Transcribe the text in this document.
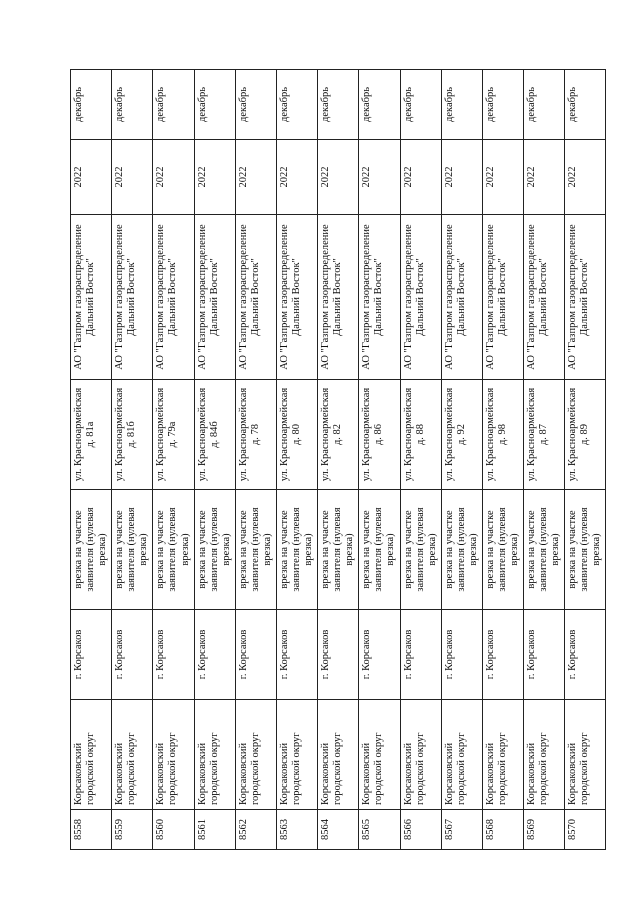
8558	Корсаковский городской округ	г. Корсаков	врезка на участке заявителя (нулевая врезка)	ул. Красноармейская д. 81а	АО "Газпром газораспределение Дальний Восток"	2022	декабрь
8559	Корсаковский городской округ	г. Корсаков	врезка на участке заявителя (нулевая врезка)	ул. Красноармейская д. 81б	АО "Газпром газораспределение Дальний Восток"	2022	декабрь
8560	Корсаковский городской округ	г. Корсаков	врезка на участке заявителя (нулевая врезка)	ул. Красноармейская д. 79а	АО "Газпром газораспределение Дальний Восток"	2022	декабрь
8561	Корсаковский городской округ	г. Корсаков	врезка на участке заявителя (нулевая врезка)	ул. Красноармейская д. 84б	АО "Газпром газораспределение Дальний Восток"	2022	декабрь
8562	Корсаковский городской округ	г. Корсаков	врезка на участке заявителя (нулевая врезка)	ул. Красноармейская д. 78	АО "Газпром газораспределение Дальний Восток"	2022	декабрь
8563	Корсаковский городской округ	г. Корсаков	врезка на участке заявителя (нулевая врезка)	ул. Красноармейская д. 80	АО "Газпром газораспределение Дальний Восток"	2022	декабрь
8564	Корсаковский городской округ	г. Корсаков	врезка на участке заявителя (нулевая врезка)	ул. Красноармейская д. 82	АО "Газпром газораспределение Дальний Восток"	2022	декабрь
8565	Корсаковский городской округ	г. Корсаков	врезка на участке заявителя (нулевая врезка)	ул. Красноармейская д. 86	АО "Газпром газораспределение Дальний Восток"	2022	декабрь
8566	Корсаковский городской округ	г. Корсаков	врезка на участке заявителя (нулевая врезка)	ул. Красноармейская д. 88	АО "Газпром газораспределение Дальний Восток"	2022	декабрь
8567	Корсаковский городской округ	г. Корсаков	врезка на участке заявителя (нулевая врезка)	ул. Красноармейская д. 92	АО "Газпром газораспределение Дальний Восток"	2022	декабрь
8568	Корсаковский городской округ	г. Корсаков	врезка на участке заявителя (нулевая врезка)	ул. Красноармейская д. 98	АО "Газпром газораспределение Дальний Восток"	2022	декабрь
8569	Корсаковский городской округ	г. Корсаков	врезка на участке заявителя (нулевая врезка)	ул. Красноармейская д. 87	АО "Газпром газораспределение Дальний Восток"	2022	декабрь
8570	Корсаковский городской округ	г. Корсаков	врезка на участке заявителя (нулевая врезка)	ул. Красноармейская д. 89	АО "Газпром газораспределение Дальний Восток"	2022	декабрь
